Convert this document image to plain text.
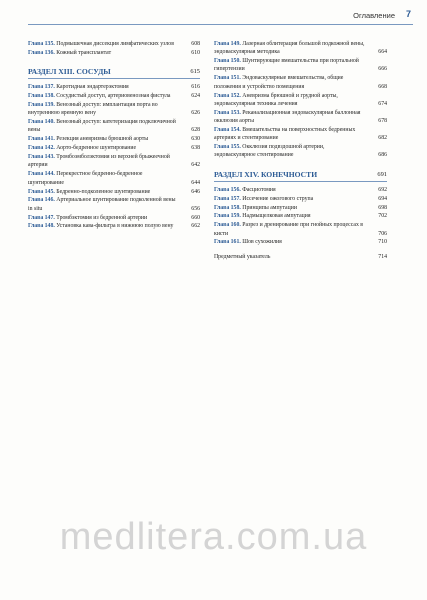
Оглавление 7
Глава 135. Подмышечная диссекция лимфатических узлов	608
Глава 136. Кожный трансплантат	610
РАЗДЕЛ XIII. СОСУДЫ	615
Глава 137. Каротидная эндартерэктомия	616
Глава 138. Сосудистый доступ, артериовенозная фистула	624
Глава 139. Венозный доступ: имплантация порта во внутреннюю яремную вену	626
Глава 140. Венозный доступ: катетеризация подключичной вены	628
Глава 141. Резекция аневризмы брюшной аорты	630
Глава 142. Аорто-бедренное шунтирование	638
Глава 143. Тромбоэмболэктомия из верхней брыжеечной артерии	642
Глава 144. Перекрестное бедренно-бедренное шунтирование	644
Глава 145. Бедренно-подколенное шунтирование	646
Глава 146. Артериальное шунтирование подколенной вены in situ	656
Глава 147. Тромбэктомия из бедренной артерии	660
Глава 148. Установка кава-фильтра в нижнюю полую вену	662
Глава 149. Лазерная облитерация большой подкожной вены, эндоваскулярная методика	664
Глава 150. Шунтирующие вмешательства при портальной гипертензии	666
Глава 151. Эндоваскулярные вмешательства, общие положения и устройство помещения	668
Глава 152. Аневризма брюшной и грудной аорты, эндоваскулярная техника лечения	674
Глава 153. Реканализационная эндоваскулярная баллонная окклюзия аорты	678
Глава 154. Вмешательства на поверхностных бедренных артериях и стентирование	682
Глава 155. Окклюзия подвздошной артерии, эндоваскулярное стентирование	686
РАЗДЕЛ XIV. КОНЕЧНОСТИ	691
Глава 156. Фасциотомия	692
Глава 157. Иссечение ожогового струпа	694
Глава 158. Принципы ампутации	698
Глава 159. Надмыщелковая ампутация	702
Глава 160. Разрез и дренирование при гнойных процессах в кисти	706
Глава 161. Шов сухожилия	710
Предметный указатель	714
medlitera.com.ua
